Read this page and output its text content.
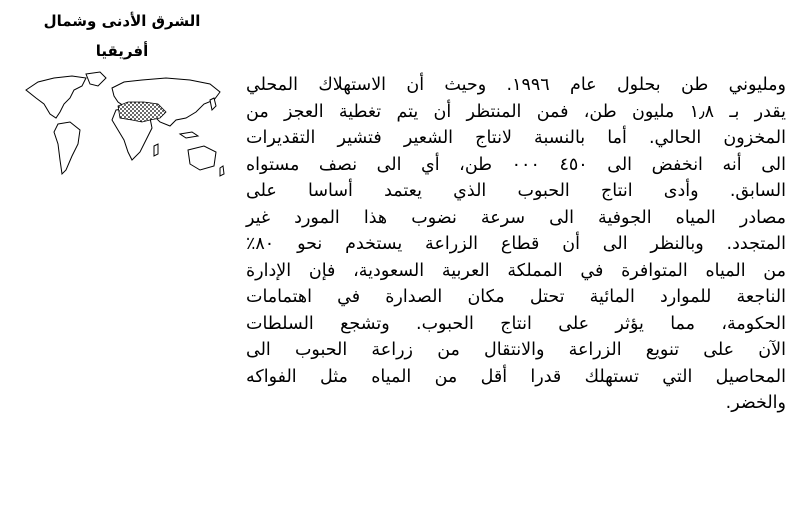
الشرق الأدنى وشمال
أفريقيا
ومليوني طن بحلول عام ١٩٩٦. وحيث أن الاستهلاك المحلي
يقدر بـ ١٫٨ مليون طن، فمن المنتظر أن يتم تغطية العجز من
المخزون الحالي. أما بالنسبة لانتاج الشعير فتشير التقديرات
الى أنه انخفض الى ٤٥٠ ٠٠٠ طن، أي الى نصف مستواه
السابق. وأدى انتاج الحبوب الذي يعتمد أساسا على
مصادر المياه الجوفية الى سرعة نضوب هذا المورد غير
المتجدد. وبالنظر الى أن قطاع الزراعة يستخدم نحو ٨٠٪
من المياه المتوافرة في المملكة العربية السعودية، فإن الإدارة
الناجعة للموارد المائية تحتل مكان الصدارة في اهتمامات
الحكومة، مما يؤثر على انتاج الحبوب. وتشجع السلطات
الآن على تنويع الزراعة والانتقال من زراعة الحبوب الى
المحاصيل التي تستهلك قدرا أقل من المياه مثل الفواكه
والخضر.
